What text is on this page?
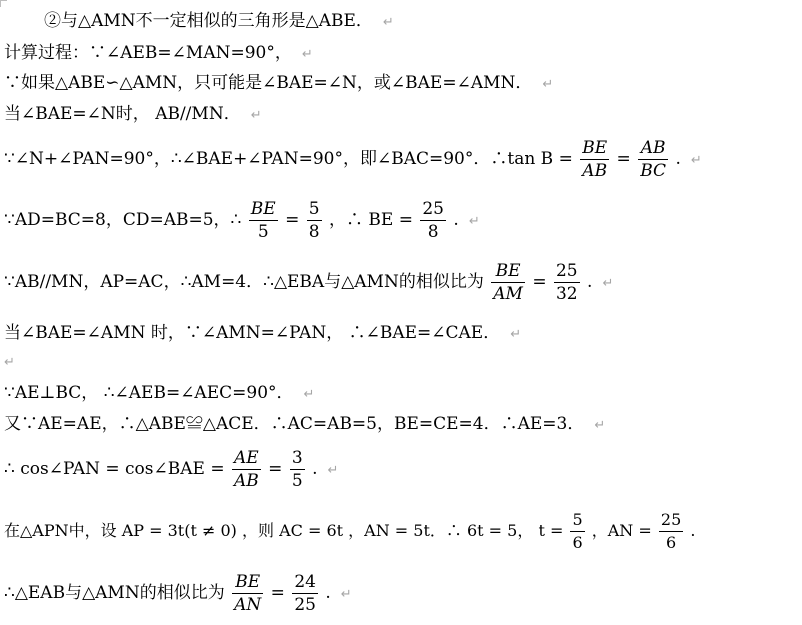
②与△AMN不一定相似的三角形是△ABE． ↵
计算过程：∵∠AEB=∠MAN=90°， ↵
∵如果△ABE∽△AMN，只可能是∠BAE=∠N，或∠BAE=∠AMN． ↵
当∠BAE=∠N时， AB//MN． ↵
∵∠N+∠PAN=90°，∴∠BAE+∠PAN=90°，即∠BAC=90°．∴tan $B = \frac{BE}{AB} = \frac{AB}{BC}$ . ↵
∵AD=BC=8，CD=AB=5，∴ $\frac{BE}{5} = \frac{5}{8}$ ，∴ BE = $\frac{25}{8}$ . ↵
∵AB//MN，AP=AC，∴AM=4．∴△EBA与△AMN的相似比为 $\frac{BE}{AM} = \frac{25}{32}$ . ↵
当∠BAE=∠AMN 时，∵∠AMN=∠PAN， ∴∠BAE=∠CAE． ↵
↵
∵AE⊥BC， ∴∠AEB=∠AEC=90°． ↵
又∵AE=AE，∴△ABE≌△ACE．∴AC=AB=5，BE=CE=4．∴AE=3． ↵
∴ cos∠PAN = cos∠BAE = $\frac{AE}{AB} = \frac{3}{5}$ . ↵
在△APN中，设 AP = 3t(t ≠ 0) ，则 AC = 6t ，AN = 5t．∴ 6t = 5， $t = \frac{5}{6}$ ，AN = $\frac{25}{6}$ .
∴△EAB与△AMN的相似比为 $\frac{BE}{AN} = \frac{24}{25}$ . ↵
